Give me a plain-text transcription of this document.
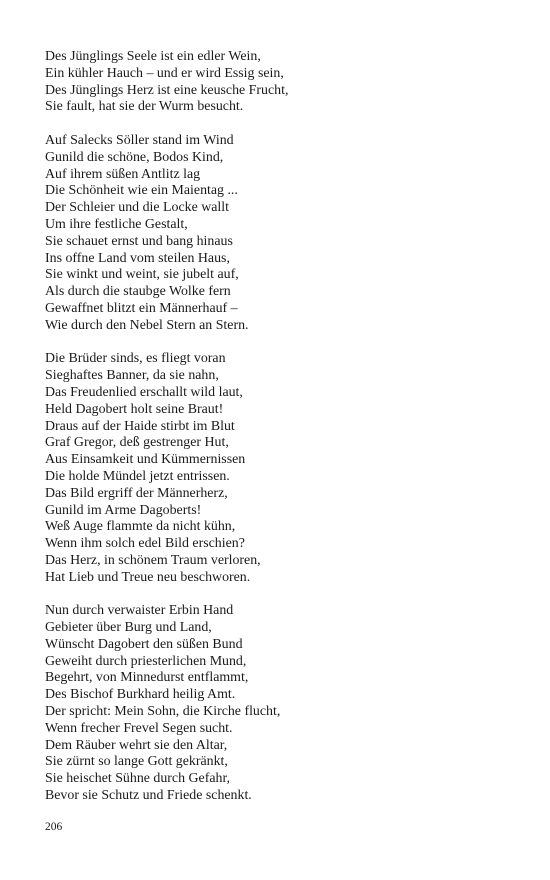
Des Jünglings Seele ist ein edler Wein,
Ein kühler Hauch – und er wird Essig sein,
Des Jünglings Herz ist eine keusche Frucht,
Sie fault, hat sie der Wurm besucht.
Auf Salecks Söller stand im Wind
Gunild die schöne, Bodos Kind,
Auf ihrem süßen Antlitz lag
Die Schönheit wie ein Maientag ...
Der Schleier und die Locke wallt
Um ihre festliche Gestalt,
Sie schauet ernst und bang hinaus
Ins offne Land vom steilen Haus,
Sie winkt und weint, sie jubelt auf,
Als durch die staubge Wolke fern
Gewaffnet blitzt ein Männerhauf –
Wie durch den Nebel Stern an Stern.
Die Brüder sinds, es fliegt voran
Sieghaftes Banner, da sie nahn,
Das Freudenlied erschallt wild laut,
Held Dagobert holt seine Braut!
Draus auf der Haide stirbt im Blut
Graf Gregor, deß gestrenger Hut,
Aus Einsamkeit und Kümmernissen
Die holde Mündel jetzt entrissen.
Das Bild ergriff der Männerherz,
Gunild im Arme Dagoberts!
Weß Auge flammte da nicht kühn,
Wenn ihm solch edel Bild erschien?
Das Herz, in schönem Traum verloren,
Hat Lieb und Treue neu beschworen.
Nun durch verwaister Erbin Hand
Gebieter über Burg und Land,
Wünscht Dagobert den süßen Bund
Geweiht durch priesterlichen Mund,
Begehrt, von Minnedurst entflammt,
Des Bischof Burkhard heilig Amt.
Der spricht: Mein Sohn, die Kirche flucht,
Wenn frecher Frevel Segen sucht.
Dem Räuber wehrt sie den Altar,
Sie zürnt so lange Gott gekränkt,
Sie heischet Sühne durch Gefahr,
Bevor sie Schutz und Friede schenkt.
206
